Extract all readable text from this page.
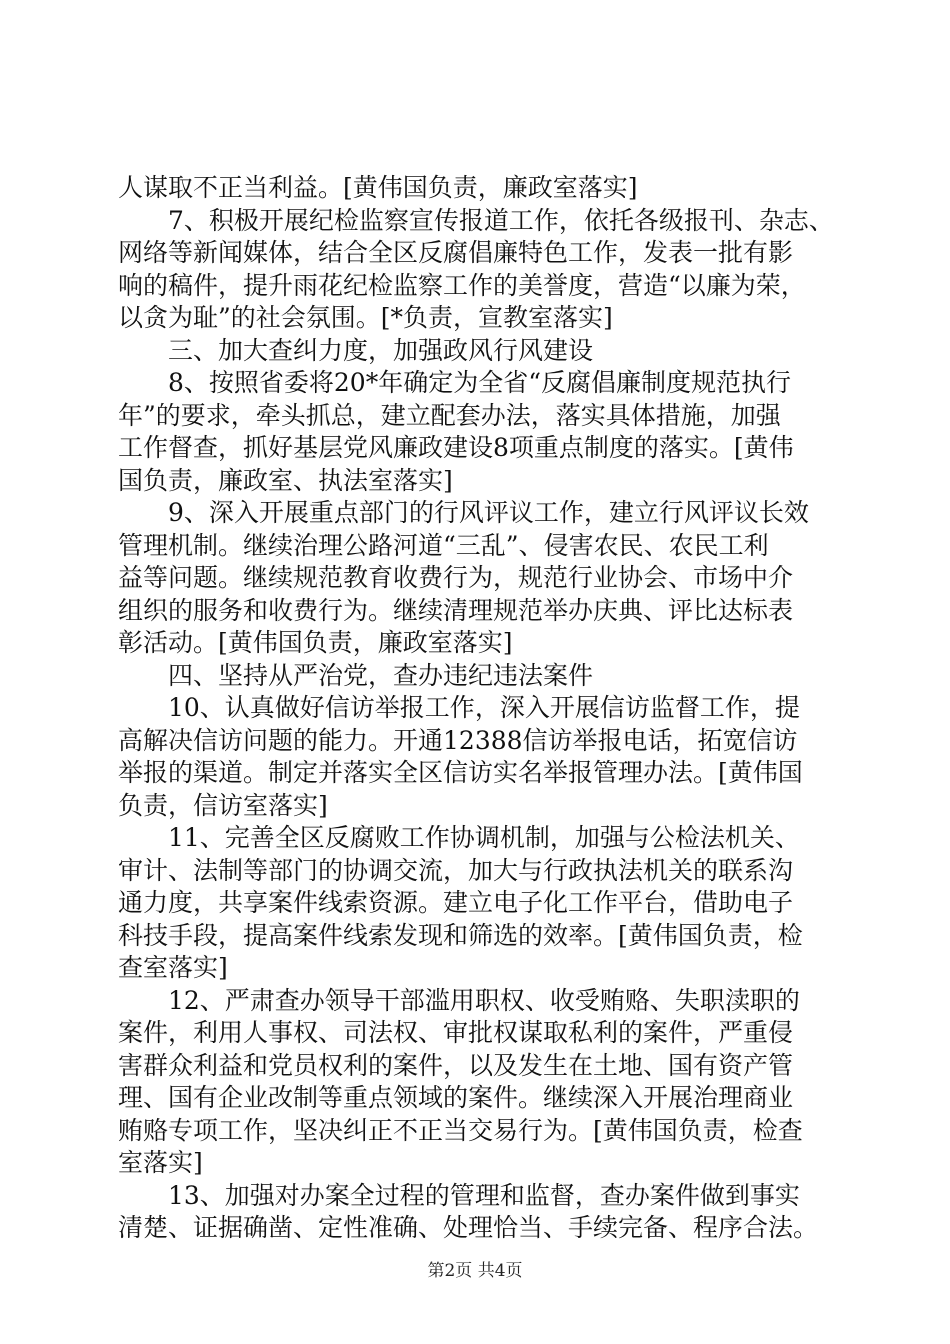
人谋取不正当利益。[黄伟国负责，廉政室落实]
7、积极开展纪检监察宣传报道工作，依托各级报刊、杂志、
网络等新闻媒体，结合全区反腐倡廉特色工作，发表一批有影
响的稿件，提升雨花纪检监察工作的美誉度，营造“以廉为荣，
以贪为耻”的社会氛围。[*负责，宣教室落实]
三、加大查纠力度，加强政风行风建设
8、按照省委将20*年确定为全省“反腐倡廉制度规范执行
年”的要求，牵头抓总，建立配套办法，落实具体措施，加强
工作督查，抓好基层党风廉政建设8项重点制度的落实。[黄伟
国负责，廉政室、执法室落实]
9、深入开展重点部门的行风评议工作，建立行风评议长效
管理机制。继续治理公路河道“三乱”、侵害农民、农民工利
益等问题。继续规范教育收费行为，规范行业协会、市场中介
组织的服务和收费行为。继续清理规范举办庆典、评比达标表
彰活动。[黄伟国负责，廉政室落实]
四、坚持从严治党，查办违纪违法案件
10、认真做好信访举报工作，深入开展信访监督工作，提
高解决信访问题的能力。开通12388信访举报电话，拓宽信访
举报的渠道。制定并落实全区信访实名举报管理办法。[黄伟国
负责，信访室落实]
11、完善全区反腐败工作协调机制，加强与公检法机关、
审计、法制等部门的协调交流，加大与行政执法机关的联系沟
通力度，共享案件线索资源。建立电子化工作平台，借助电子
科技手段，提高案件线索发现和筛选的效率。[黄伟国负责，检
查室落实]
12、严肃查办领导干部滥用职权、收受贿赂、失职渎职的
案件，利用人事权、司法权、审批权谋取私利的案件，严重侵
害群众利益和党员权利的案件，以及发生在土地、国有资产管
理、国有企业改制等重点领域的案件。继续深入开展治理商业
贿赂专项工作，坚决纠正不正当交易行为。[黄伟国负责，检查
室落实]
13、加强对办案全过程的管理和监督，查办案件做到事实
清楚、证据确凿、定性准确、处理恰当、手续完备、程序合法。
第2页 共4页
